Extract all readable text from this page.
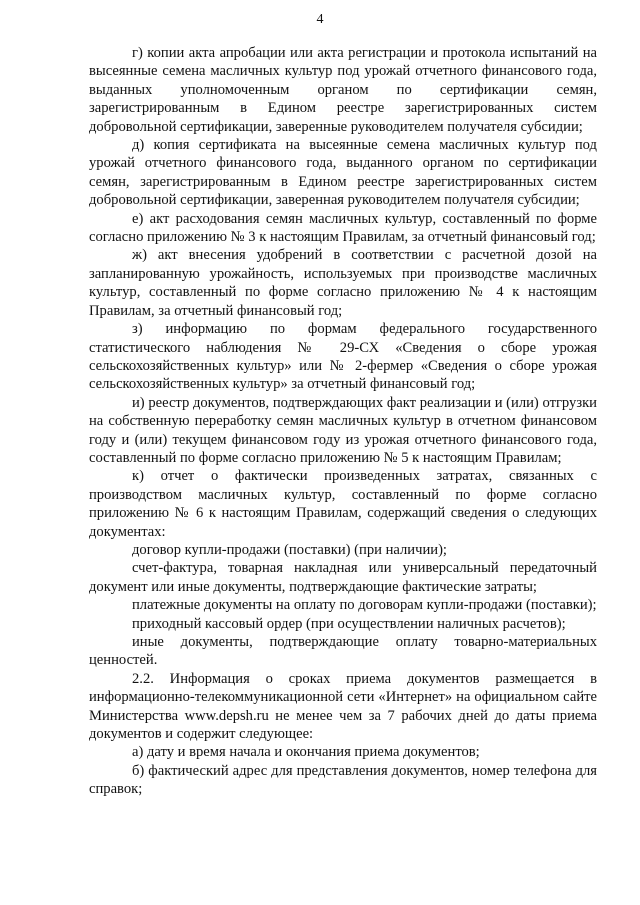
4

г) копии акта апробации или акта регистрации и протокола испытаний на высеянные семена масличных культур под урожай отчетного финансового года, выданных уполномоченным органом по сертификации семян, зарегистрированным в Едином реестре зарегистрированных систем добровольной сертификации, заверенные руководителем получателя субсидии;

д) копия сертификата на высеянные семена масличных культур под урожай отчетного финансового года, выданного органом по сертификации семян, зарегистрированным в Едином реестре зарегистрированных систем добровольной сертификации, заверенная руководителем получателя субсидии;

е) акт расходования семян масличных культур, составленный по форме согласно приложению № 3 к настоящим Правилам, за отчетный финансовый год;

ж) акт внесения удобрений в соответствии с расчетной дозой на запланированную урожайность, используемых при производстве масличных культур, составленный по форме согласно приложению № 4 к настоящим Правилам, за отчетный финансовый год;

з) информацию по формам федерального государственного статистического наблюдения № 29-СХ «Сведения о сборе урожая сельскохозяйственных культур» или № 2-фермер «Сведения о сборе урожая сельскохозяйственных культур» за отчетный финансовый год;

и) реестр документов, подтверждающих факт реализации и (или) отгрузки на собственную переработку семян масличных культур в отчетном финансовом году и (или) текущем финансовом году из урожая отчетного финансового года, составленный по форме согласно приложению № 5 к настоящим Правилам;

к) отчет о фактически произведенных затратах, связанных с производством масличных культур, составленный по форме согласно приложению № 6 к настоящим Правилам, содержащий сведения о следующих документах:

договор купли-продажи (поставки) (при наличии);

счет-фактура, товарная накладная или универсальный передаточный документ или иные документы, подтверждающие фактические затраты;

платежные документы на оплату по договорам купли-продажи (поставки);

приходный кассовый ордер (при осуществлении наличных расчетов);

иные документы, подтверждающие оплату товарно-материальных ценностей.

2.2. Информация о сроках приема документов размещается в информационно-телекоммуникационной сети «Интернет» на официальном сайте Министерства www.depsh.ru не менее чем за 7 рабочих дней до даты приема документов и содержит следующее:

а) дату и время начала и окончания приема документов;

б) фактический адрес для представления документов, номер телефона для справок;
